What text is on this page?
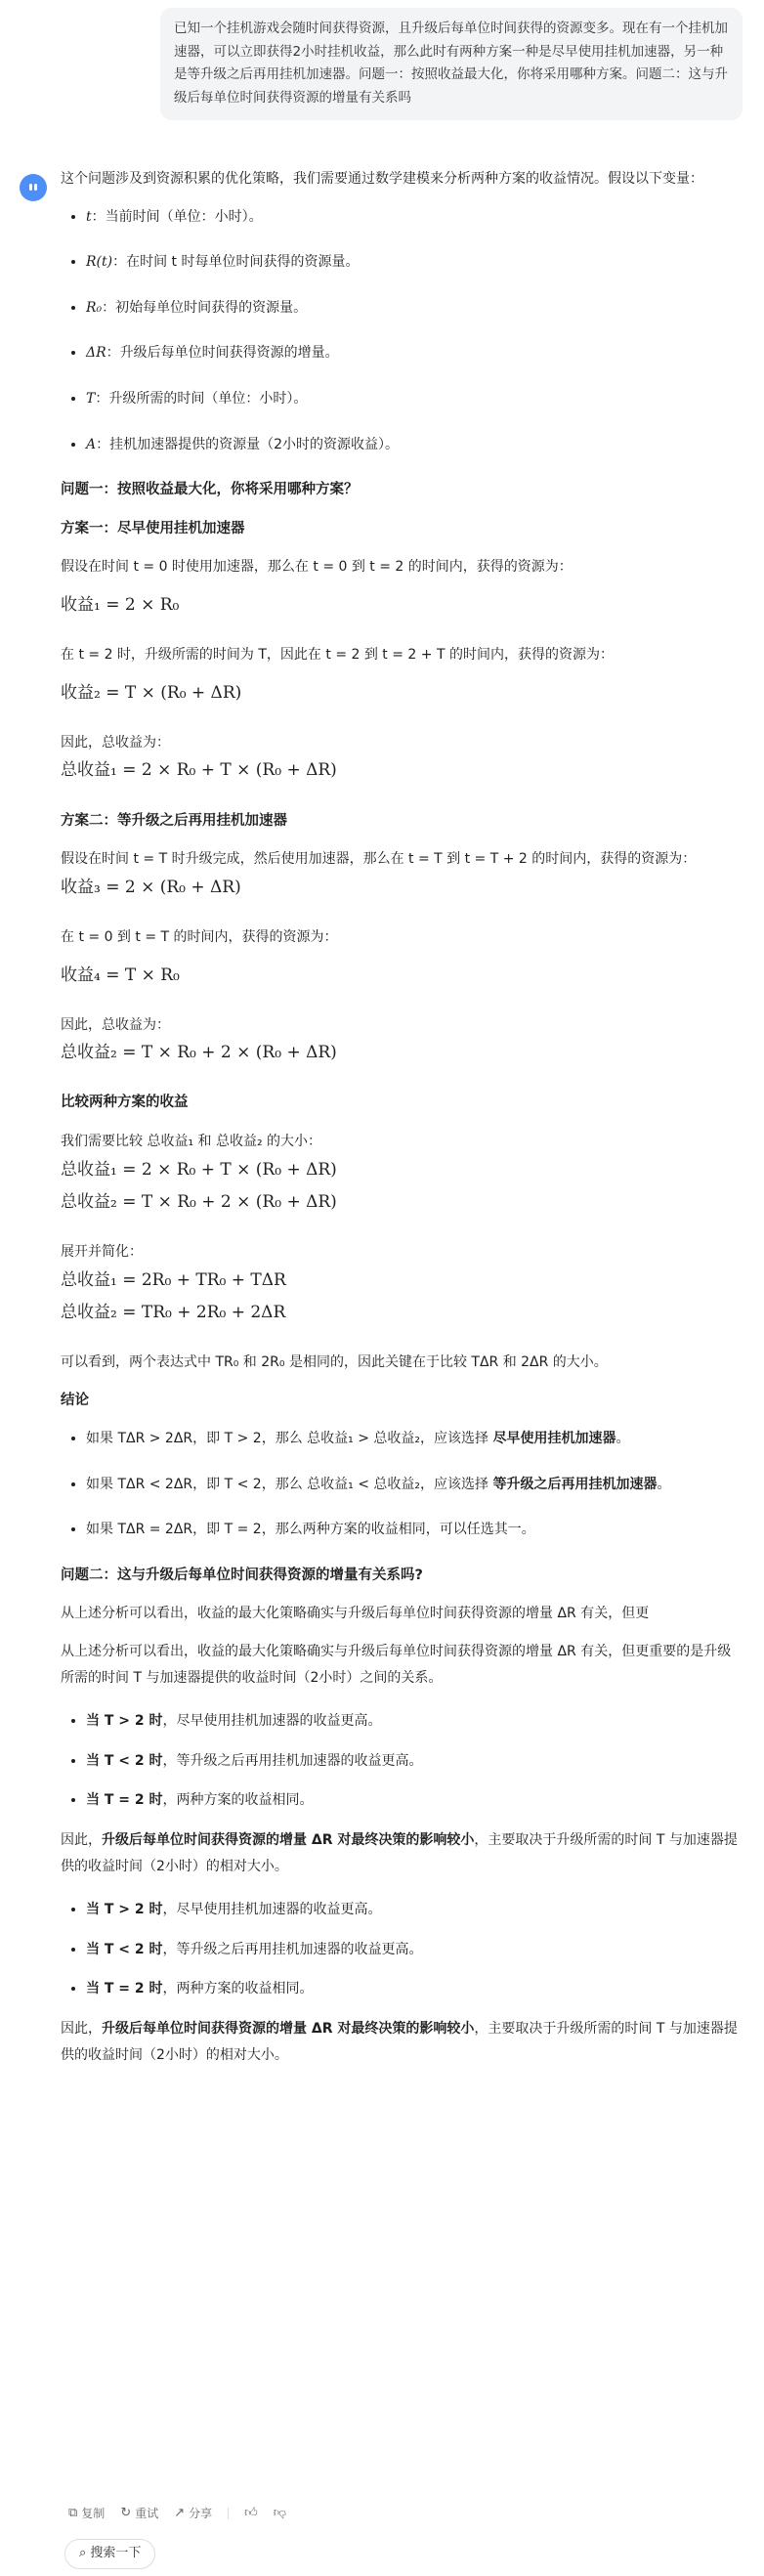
已知一个挂机游戏会随时间获得资源，且升级后每单位时间获得的资源变多。现在有一个挂机加速器，可以立即获得2小时挂机收益，那么此时有两种方案一种是尽早使用挂机加速器，另一种是等升级之后再用挂机加速器。问题一：按照收益最大化，你将采用哪种方案。问题二：这与升级后每单位时间获得资源的增量有关系吗

这个问题涉及到资源积累的优化策略，我们需要通过数学建模来分析两种方案的收益情况。假设以下变量：

• t：当前时间（单位：小时）。
• R(t)：在时间 t 时每单位时间获得的资源量。
• R₀：初始每单位时间获得的资源量。
• ΔR：升级后每单位时间获得资源的增量。
• T：升级所需的时间（单位：小时）。
• A：挂机加速器提供的资源量（2小时的资源收益）。
问题一：按照收益最大化，你将采用哪种方案？
方案一：尽早使用挂机加速器

假设在时间 t = 0 时使用加速器，那么在 t = 0 到 t = 2 的时间内，获得的资源为：

收益₁ = 2 × R₀

在 t = 2 时，升级所需的时间为 T，因此在 t = 2 到 t = 2 + T 的时间内，获得的资源为：

收益₂ = T × (R₀ + ΔR)

因此，总收益为：

总收益₁ = 2 × R₀ + T × (R₀ + ΔR)
方案二：等升级之后再用挂机加速器

假设在时间 t = T 时升级完成，然后使用加速器，那么在 t = T 到 t = T + 2 的时间内，获得的资源为：

收益₃ = 2 × (R₀ + ΔR)

在 t = 0 到 t = T 的时间内，获得的资源为：

收益₄ = T × R₀

因此，总收益为：

总收益₂ = T × R₀ + 2 × (R₀ + ΔR)
比较两种方案的收益

我们需要比较 总收益₁ 和 总收益₂ 的大小：

总收益₁ = 2 × R₀ + T × (R₀ + ΔR)
总收益₂ = T × R₀ + 2 × (R₀ + ΔR)

展开并简化：

总收益₁ = 2R₀ + TR₀ + TΔR
总收益₂ = TR₀ + 2R₀ + 2ΔR

可以看到，两个表达式中 TR₀ 和 2R₀ 是相同的，因此关键在于比较 TΔR 和 2ΔR 的大小。

结论
• 如果 TΔR > 2ΔR，即 T > 2，那么 总收益₁ > 总收益₂，应该选择 尽早使用挂机加速器。
• 如果 TΔR < 2ΔR，即 T < 2，那么 总收益₁ < 总收益₂，应该选择 等升级之后再用挂机加速器。
• 如果 TΔR = 2ΔR，即 T = 2，那么两种方案的收益相同，可以任选其一。
问题二：这与升级后每单位时间获得资源的增量有关系吗?

从上述分析可以看出，收益的最大化策略确实与升级后每单位时间获得资源的增量 ΔR 有关，但更

从上述分析可以看出，收益的最大化策略确实与升级后每单位时间获得资源的增量 ΔR 有关，但更重要的是升级所需的时间 T 与加速器提供的收益时间（2小时）之间的关系。

• 当 T > 2 时，尽早使用挂机加速器的收益更高。
• 当 T < 2 时，等升级之后再用挂机加速器的收益更高。
• 当 T = 2 时，两种方案的收益相同。

因此，升级后每单位时间获得资源的增量 ΔR 对最终决策的影响较小，主要取决于升级所需的时间 T 与加速器提供的收益时间（2小时）的相对大小。

• 当 T > 2 时，尽早使用挂机加速器的收益更高。
• 当 T < 2 时，等升级之后再用挂机加速器的收益更高。
• 当 T = 2 时，两种方案的收益相同。

因此，升级后每单位时间获得资源的增量 ΔR 对最终决策的影响较小，主要取决于升级所需的时间 T 与加速器提供的收益时间（2小时）的相对大小。

⧉ 复制 ↻ 重试 ↗ 分享	👍︎ 👎︎
⌕ 搜索一下
